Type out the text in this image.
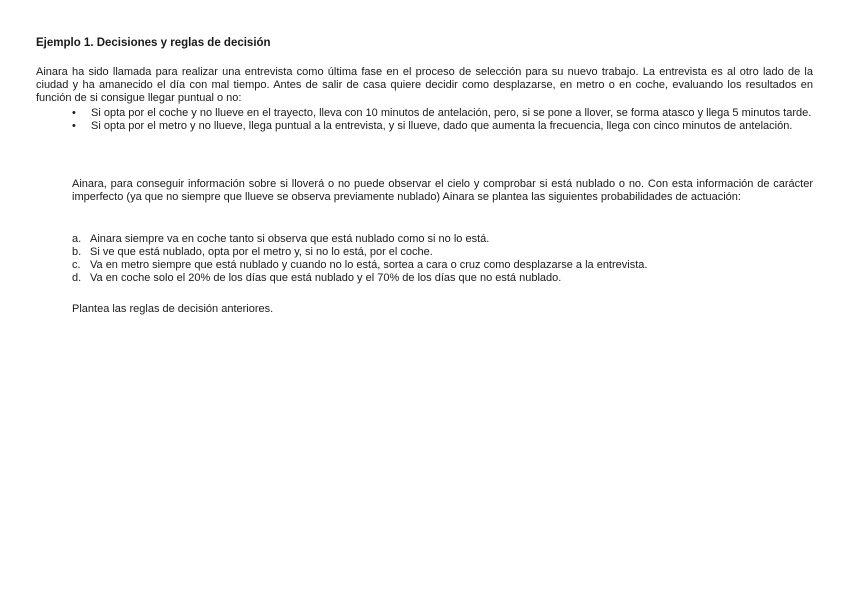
Ejemplo 1. Decisiones y reglas de decisión
Ainara ha sido llamada para realizar una entrevista como última fase en el proceso de selección para su nuevo trabajo. La entrevista es al otro lado de la ciudad y ha amanecido el día con mal tiempo. Antes de salir de casa quiere decidir como desplazarse, en metro o en coche, evaluando los resultados en función de si consigue llegar puntual o no:
• Si opta por el coche y no llueve en el trayecto, lleva con 10 minutos de antelación, pero, si se pone a llover, se forma atasco y llega 5 minutos tarde.
• Si opta por el metro y no llueve, llega puntual a la entrevista, y si llueve, dado que aumenta la frecuencia, llega con cinco minutos de antelación.
Ainara, para conseguir información sobre si lloverá o no puede observar el cielo y comprobar si está nublado o no. Con esta información de carácter imperfecto (ya que no siempre que llueve se observa previamente nublado) Ainara se plantea las siguientes probabilidades de actuación:
a. Ainara siempre va en coche tanto si observa que está nublado como si no lo está.
b. Si ve que está nublado, opta por el metro y, si no lo está, por el coche.
c. Va en metro siempre que está nublado y cuando no lo está, sortea a cara o cruz como desplazarse a la entrevista.
d. Va en coche solo el 20% de los días que está nublado y el 70% de los días que no está nublado.
Plantea las reglas de decisión anteriores.
